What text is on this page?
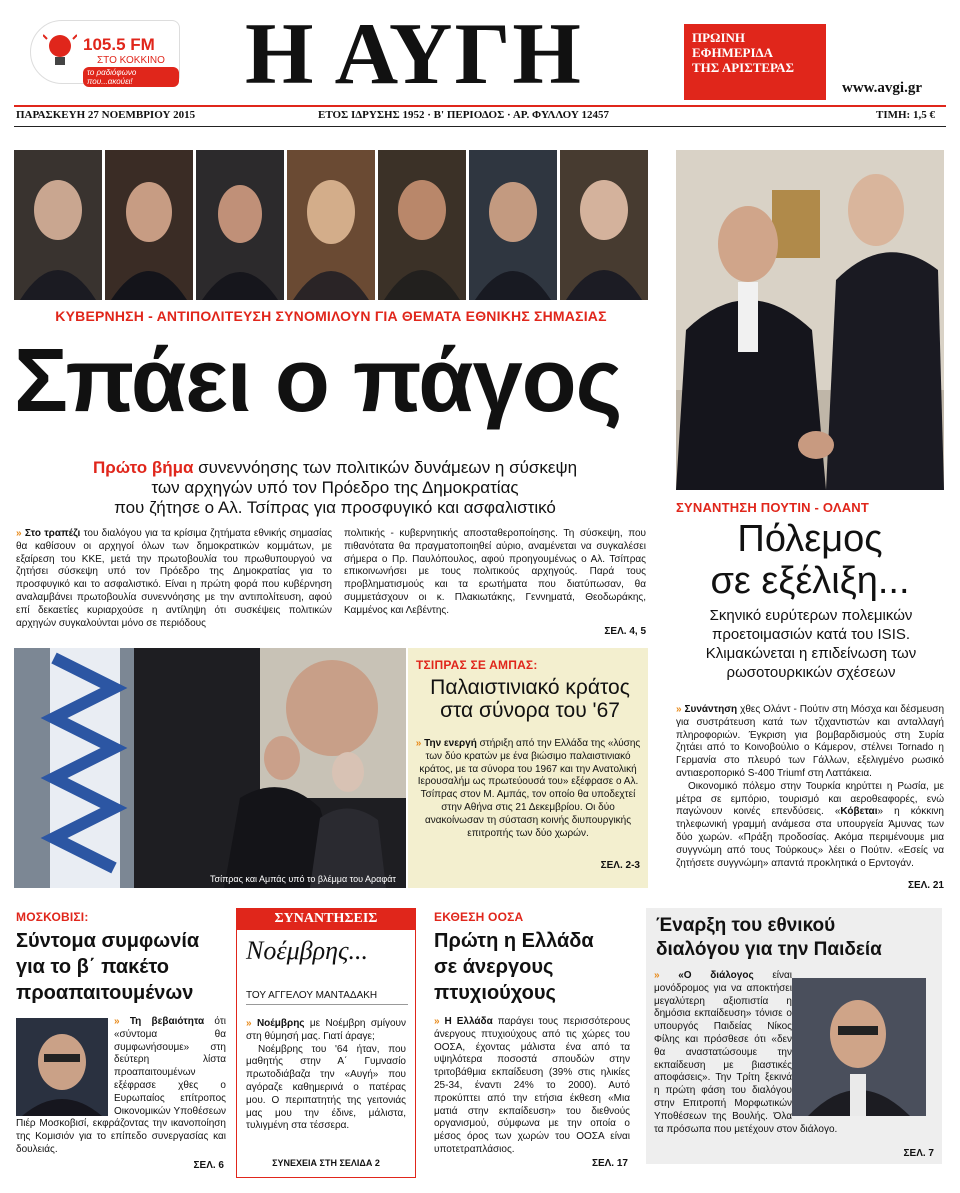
105.5 FM
ΣΤΟ ΚΟΚΚΙΝΟ
το ραδιόφωνο που...ακούει!	Η ΑΥΓΗ	ΠΡΩΙΝΗ
ΕΦΗΜΕΡΙΔΑ
ΤΗΣ ΑΡΙΣΤΕΡΑΣ
www.avgi.gr
ΠΑΡΑΣΚΕΥΗ 27 ΝΟΕΜΒΡΙΟΥ 2015	ΕΤΟΣ ΙΔΡΥΣΗΣ 1952 · Β' ΠΕΡΙΟΔΟΣ · ΑΡ. ΦΥΛΛΟΥ 12457	ΤΙΜΗ: 1,5 €
ΚΥΒΕΡΝΗΣΗ - ΑΝΤΙΠΟΛΙΤΕΥΣΗ ΣΥΝΟΜΙΛΟΥΝ ΓΙΑ ΘΕΜΑΤΑ ΕΘΝΙΚΗΣ ΣΗΜΑΣΙΑΣ
Σπάει ο πάγος
Πρώτο βήμα συνεννόησης των πολιτικών δυνάμεων η σύσκεψη
των αρχηγών υπό τον Πρόεδρο της Δημοκρατίας
που ζήτησε ο Αλ. Τσίπρας για προσφυγικό και ασφαλιστικό
» Στο τραπέζι του διαλόγου για τα κρίσιμα ζητήματα εθνικής σημασίας θα καθίσουν οι αρχηγοί όλων των δημοκρατικών κομμάτων, με εξαίρεση του ΚΚΕ, μετά την πρωτοβουλία του πρωθυπουργού να ζητήσει σύσκεψη υπό τον Πρόεδρο της Δημοκρατίας για το προσφυγικό και το ασφαλιστικό. Είναι η πρώτη φορά που κυβέρνηση αναλαμβάνει πρωτοβουλία συνεννόησης με την αντιπολίτευση, αφού επί δεκαετίες κυριαρχούσε η αντίληψη ότι συσκέψεις πολιτικών αρχηγών συγκαλούνται μόνο σε περιόδους
πολιτικής - κυβερνητικής αποσταθεροποίησης. Τη σύσκεψη, που πιθανότατα θα πραγματοποιηθεί αύριο, αναμένεται να συγκαλέσει σήμερα ο Πρ. Παυλόπουλος, αφού προηγουμένως ο Αλ. Τσίπρας επικοινωνήσει με τους πολιτικούς αρχηγούς. Παρά τους προβληματισμούς και τα ερωτήματα που διατύπωσαν, θα συμμετάσχουν οι κ. Πλακιωτάκης, Γεννηματά, Θεοδωράκης, Καμμένος και Λεβέντης.
ΣΕΛ. 4, 5
ΣΥΝΑΝΤΗΣΗ ΠΟΥΤΙΝ - ΟΛΑΝΤ
Πόλεμος
σε εξέλιξη...
Σκηνικό ευρύτερων πολεμικών προετοιμασιών κατά του ISIS. Κλιμακώνεται η επιδείνωση των ρωσοτουρκικών σχέσεων
» Συνάντηση χθες Ολάντ - Πούτιν στη Μόσχα και δέσμευση για συστράτευση κατά των τζιχαντιστών και ανταλλαγή πληροφοριών. Έγκριση για βομβαρδισμούς στη Συρία ζητάει από το Κοινοβούλιο ο Κάμερον, στέλνει Tornado η Γερμανία στο πλευρό των Γάλλων, εξελιγμένο ρωσικό αντιαεροπορικό S-400 Triumf στη Λαττάκεια.
Οικονομικό πόλεμο στην Τουρκία κηρύττει η Ρωσία, με μέτρα σε εμπόριο, τουρισμό και αεροθεαφορές, ενώ παγώνουν κοινές επενδύσεις. «Κόβεται» η κόκκινη τηλεφωνική γραμμή ανάμεσα στα υπουργεία Άμυνας των δύο χωρών. «Πράξη προδοσίας. Ακόμα περιμένουμε μια συγγνώμη από τους Τούρκους» λέει ο Πούτιν. «Εσείς να ζητήσετε συγγνώμη» απαντά προκλητικά ο Ερντογάν.
ΣΕΛ. 21
Τσίπρας και Αμπάς υπό το βλέμμα του Αραφάτ
ΤΣΙΠΡΑΣ ΣΕ ΑΜΠΑΣ:
Παλαιστινιακό κράτος
στα σύνορα του '67
» Την ενεργή στήριξη από την Ελλάδα της «λύσης των δύο κρατών με ένα βιώσιμο παλαιστινιακό κράτος, με τα σύνορα του 1967 και την Ανατολική Ιερουσαλήμ ως πρωτεύουσά του» εξέφρασε ο Αλ. Τσίπρας στον Μ. Αμπάς, τον οποίο θα υποδεχτεί στην Αθήνα στις 21 Δεκεμβρίου. Οι δύο ανακοίνωσαν τη σύσταση κοινής διυπουργικής επιτροπής των δύο χωρών.
ΣΕΛ. 2-3
ΜΟΣΚΟΒΙΣΙ:
Σύντομα συμφωνία
για το β΄ πακέτο
προαπαιτουμένων
» Τη βεβαιότητα ότι «σύντομα θα συμφωνήσουμε» στη δεύτερη λίστα προαπαιτουμένων εξέφρασε χθες ο Ευρωπαίος επίτροπος Οικονομικών Υποθέσεων Πιέρ Μοσκοβισί, εκφράζοντας την ικανοποίηση της Κομισιόν για το επίπεδο συνεργασίας και δουλειάς.
ΣΕΛ. 6
ΣΥΝΑΝΤΗΣΕΙΣ
Νοέμβρης...
ΤΟΥ ΑΓΓΕΛΟΥ ΜΑΝΤΑΔΑΚΗ
» Νοέμβρης με Νοέμβρη σμίγουν στη θύμησή μας. Γιατί άραγε;
Νοέμβρης του '64 ήταν, που μαθητής στην Α΄ Γυμνασίο πρωτοδιάβαζα την «Αυγή» που αγόραζε καθημερινά ο πατέρας μου. Ο περιπατητής της γειτονιάς μας μου την έδινε, μάλιστα, τυλιγμένη στα τέσσερα.
ΣΥΝΕΧΕΙΑ ΣΤΗ ΣΕΛΙΔΑ 2
ΕΚΘΕΣΗ ΟΟΣΑ
Πρώτη η Ελλάδα
σε άνεργους
πτυχιούχους
» Η Ελλάδα παράγει τους περισσότερους άνεργους πτυχιούχους από τις χώρες του ΟΟΣΑ, έχοντας μάλιστα ένα από τα υψηλότερα ποσοστά σπουδών στην τριτοβάθμια εκπαίδευση (39% στις ηλικίες 25-34, έναντι 24% το 2000). Αυτό προκύπτει από την ετήσια έκθεση «Μια ματιά στην εκπαίδευση» του διεθνούς οργανισμού, σύμφωνα με την οποία ο μέσος όρος των χωρών του ΟΟΣΑ είναι υποτετραπλάσιος.
ΣΕΛ. 17
Έναρξη του εθνικού
διαλόγου για την Παιδεία
» «Ο διάλογος είναι μονόδρομος για να αποκτήσει μεγαλύτερη αξιοπιστία η δημόσια εκπαίδευση» τόνισε ο υπουργός Παιδείας Νίκος Φίλης και πρόσθεσε ότι «δεν θα αναστατώσουμε την εκπαίδευση με βιαστικές αποφάσεις». Την Τρίτη ξεκινά η πρώτη φάση του διαλόγου στην Επιτροπή Μορφωτικών Υποθέσεων της Βουλής. Όλα τα πρόσωπα που μετέχουν στον διάλογο.
ΣΕΛ. 7
